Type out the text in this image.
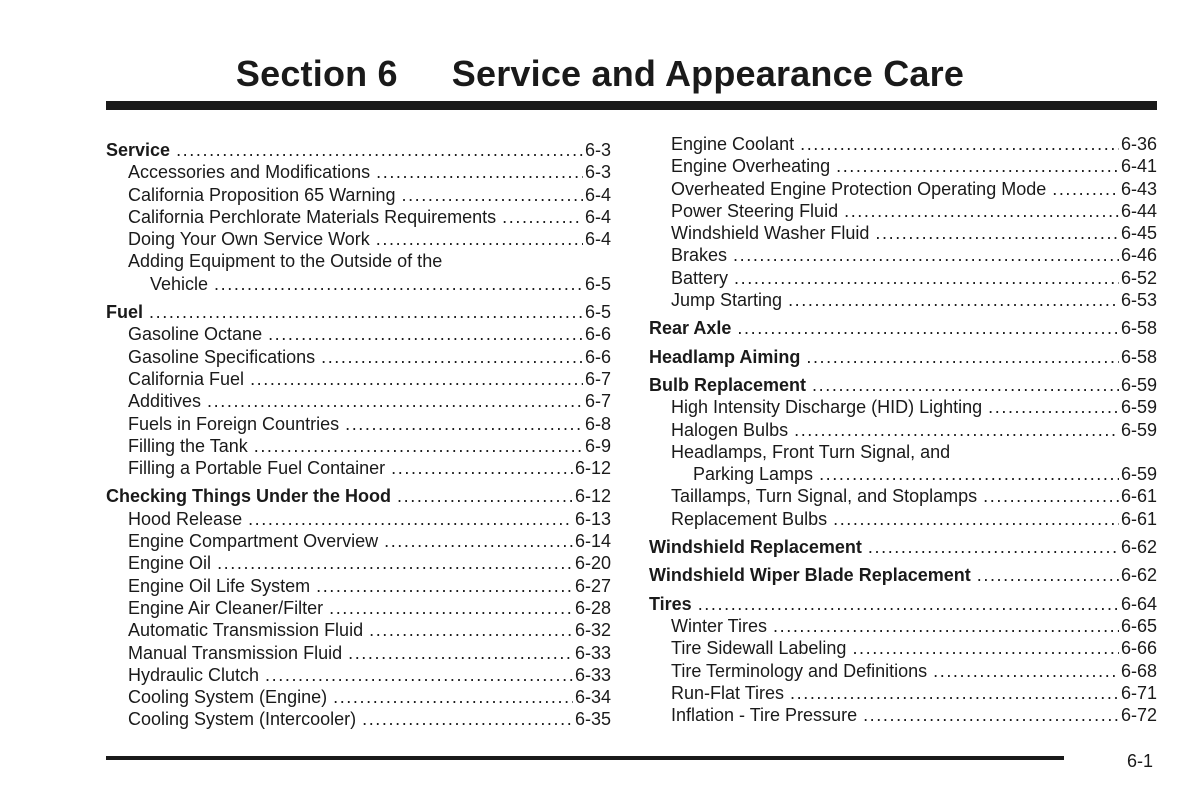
Section 6 Service and Appearance Care
Service .....	6-3
Accessories and Modifications .....	6-3
California Proposition 65 Warning .....	6-4
California Perchlorate Materials Requirements .....	6-4
Doing Your Own Service Work .....	6-4
Adding Equipment to the Outside of the
Vehicle .....	6-5
Fuel .....	6-5
Gasoline Octane .....	6-6
Gasoline Specifications .....	6-6
California Fuel .....	6-7
Additives .....	6-7
Fuels in Foreign Countries .....	6-8
Filling the Tank .....	6-9
Filling a Portable Fuel Container .....	6-12
Checking Things Under the Hood .....	6-12
Hood Release .....	6-13
Engine Compartment Overview .....	6-14
Engine Oil .....	6-20
Engine Oil Life System .....	6-27
Engine Air Cleaner/Filter .....	6-28
Automatic Transmission Fluid .....	6-32
Manual Transmission Fluid .....	6-33
Hydraulic Clutch .....	6-33
Cooling System (Engine) .....	6-34
Cooling System (Intercooler) .....	6-35
Engine Coolant .....	6-36
Engine Overheating .....	6-41
Overheated Engine Protection Operating Mode .....	6-43
Power Steering Fluid .....	6-44
Windshield Washer Fluid .....	6-45
Brakes .....	6-46
Battery .....	6-52
Jump Starting .....	6-53
Rear Axle .....	6-58
Headlamp Aiming .....	6-58
Bulb Replacement .....	6-59
High Intensity Discharge (HID) Lighting .....	6-59
Halogen Bulbs .....	6-59
Headlamps, Front Turn Signal, and
Parking Lamps .....	6-59
Taillamps, Turn Signal, and Stoplamps .....	6-61
Replacement Bulbs .....	6-61
Windshield Replacement .....	6-62
Windshield Wiper Blade Replacement .....	6-62
Tires .....	6-64
Winter Tires .....	6-65
Tire Sidewall Labeling .....	6-66
Tire Terminology and Definitions .....	6-68
Run-Flat Tires .....	6-71
Inflation - Tire Pressure .....	6-72
6-1
